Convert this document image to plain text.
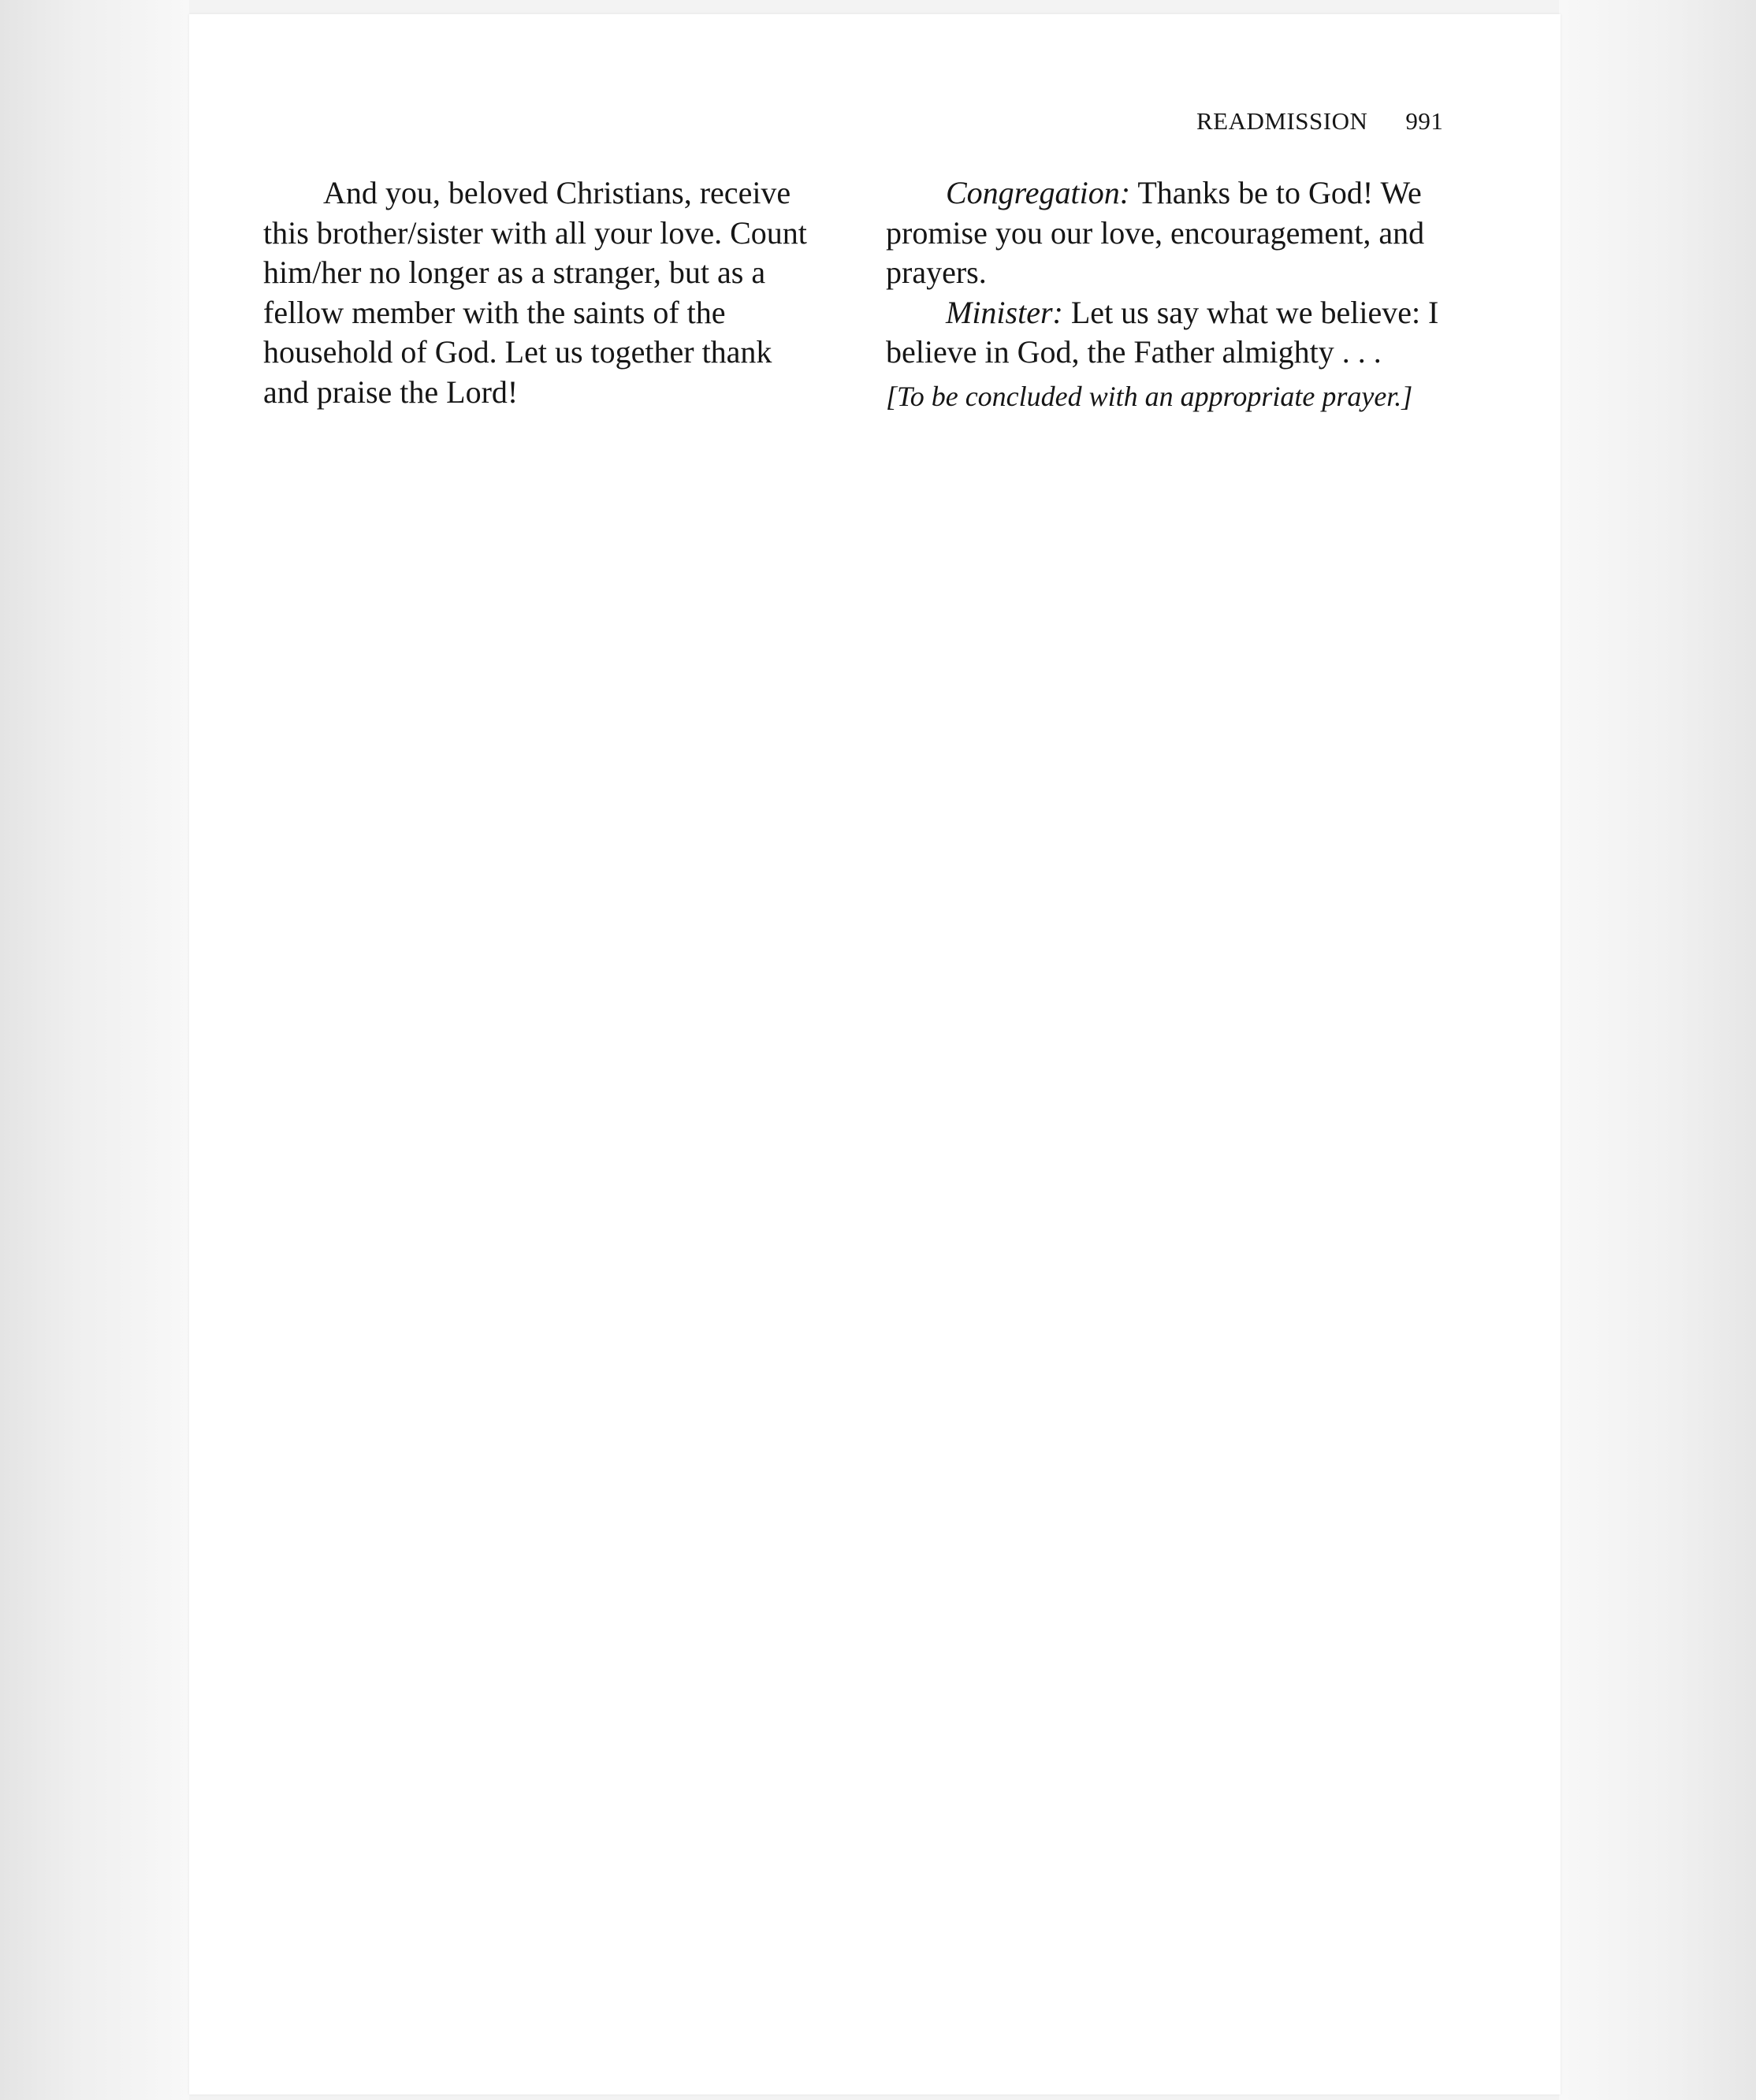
READMISSION 991

And you, beloved Christians, receive this brother/sister with all your love. Count him/her no longer as a stranger, but as a fellow member with the saints of the household of God. Let us together thank and praise the Lord!

Congregation: Thanks be to God! We promise you our love, encouragement, and prayers.

Minister: Let us say what we believe: I believe in God, the Father almighty . . .

[To be concluded with an appropriate prayer.]
